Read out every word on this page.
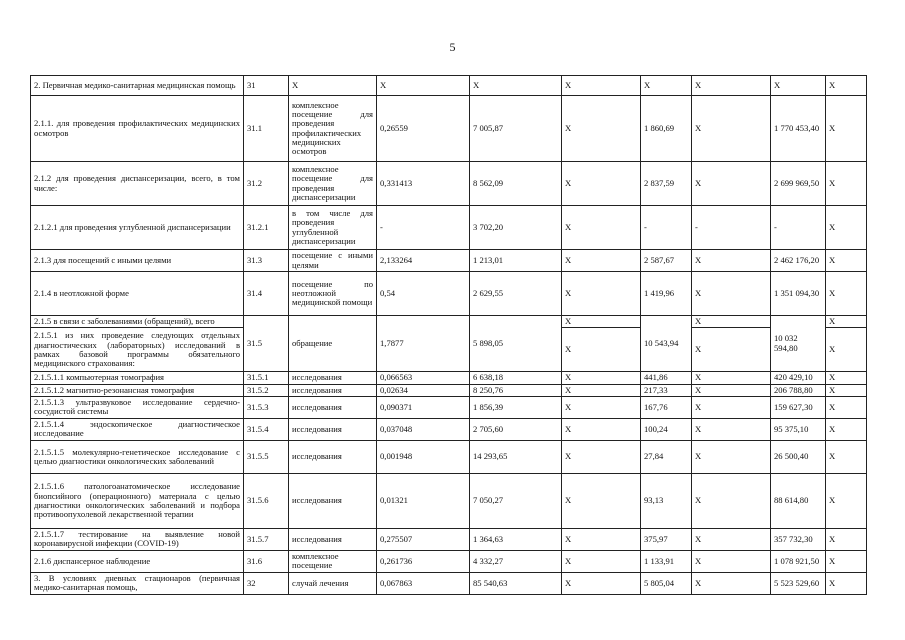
5
2. Первичная медико-санитарная медицинская помощь	31	Х	Х	Х	Х	Х	Х	Х	Х
2.1.1. для проведения профилактических медицинских осмотров	31.1	комплексное посещение для проведения профилактических медицинских осмотров	0,26559	7 005,87	Х	1 860,69	Х	1 770 453,40	Х
2.1.2 для проведения диспансеризации, всего, в том числе:	31.2	комплексное посещение для проведения диспансеризации	0,331413	8 562,09	Х	2 837,59	Х	2 699 969,50	Х
2.1.2.1 для проведения углубленной диспансеризации	31.2.1	в том числе для проведения углубленной диспансеризации	-	3 702,20	Х	-	-	-	Х
2.1.3 для посещений с иными целями	31.3	посещение с иными целями	2,133264	1 213,01	Х	2 587,67	Х	2 462 176,20	Х
2.1.4 в неотложной форме	31.4	посещение по неотложной медицинской помощи	0,54	2 629,55	Х	1 419,96	Х	1 351 094,30	Х
2.1.5 в связи с заболеваниями (обращений), всего	31.5	обращение	1,7877	5 898,05	Х	10 543,94	Х	10 032 594,80	Х
2.1.5.1 из них проведение следующих отдельных диагностических (лабораторных) исследований в рамках базовой программы обязательного медицинского страхования:					Х		Х		Х
2.1.5.1.1 компьютерная томография	31.5.1	исследования	0,066563	6 638,18	Х	441,86	Х	420 429,10	Х
2.1.5.1.2 магнитно-резонансная томография	31.5.2	исследования	0,02634	8 250,76	Х	217,33	Х	206 788,80	Х
2.1.5.1.3 ультразвуковое исследование сердечно-сосудистой системы	31.5.3	исследования	0,090371	1 856,39	Х	167,76	Х	159 627,30	Х
2.1.5.1.4 эндоскопическое диагностическое исследование	31.5.4	исследования	0,037048	2 705,60	Х	100,24	Х	95 375,10	Х
2.1.5.1.5 молекулярно-генетическое исследование с целью диагностики онкологических заболеваний	31.5.5	исследования	0,001948	14 293,65	Х	27,84	Х	26 500,40	Х
2.1.5.1.6 патологоанатомическое исследование биопсийного (операционного) материала с целью диагностики онкологических заболеваний и подбора противоопухолевой лекарственной терапии	31.5.6	исследования	0,01321	7 050,27	Х	93,13	Х	88 614,80	Х
2.1.5.1.7 тестирование на выявление новой коронавирусной инфекции (COVID-19)	31.5.7	исследования	0,275507	1 364,63	Х	375,97	Х	357 732,30	Х
2.1.6 диспансерное наблюдение	31.6	комплексное посещение	0,261736	4 332,27	Х	1 133,91	Х	1 078 921,50	Х
3. В условиях дневных стационаров (первичная медико-санитарная помощь,	32	случай лечения	0,067863	85 540,63	Х	5 805,04	Х	5 523 529,60	Х
